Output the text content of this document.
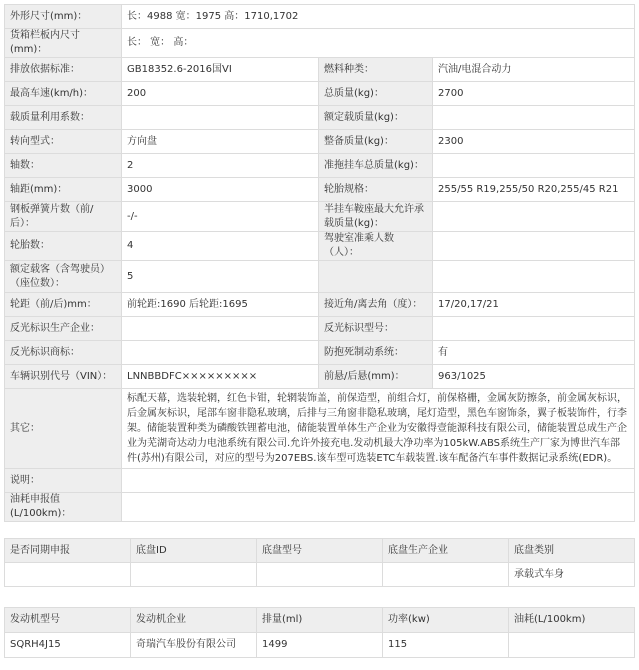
外形尺寸(mm)：	长：4988 宽：1975 高：1710,1702		
货箱栏板内尺寸(mm)：	长： 宽： 高：		
排放依据标准：	GB18352.6-2016国VI	燃料种类：	汽油/电混合动力
最高车速(km/h)：	200	总质量(kg)：	2700
载质量利用系数：		额定载质量(kg)：	
转向型式：	方向盘	整备质量(kg)：	2300
轴数：	2	准拖挂车总质量(kg)：	
轴距(mm)：	3000	轮胎规格：	255/55 R19,255/50 R20,255/45 R21
钢板弹簧片数（前/后）：	-/-	半挂车鞍座最大允许承载质量(kg)：	
轮胎数：	4	驾驶室准乘人数（人）：	
额定载客（含驾驶员）（座位数）：	5		
轮距（前/后)mm：	前轮距:1690 后轮距:1695	接近角/离去角（度）：	17/20,17/21
反光标识生产企业：		反光标识型号：	
反光标识商标：		防抱死制动系统：	有
车辆识别代号（VIN）：	LNNBBDFC×××××××××	前悬/后悬(mm)：	963/1025
其它：	标配天幕，选装轮辋，红色卡钳，轮辋装饰盖，前保造型，前组合灯，前保格栅，金属灰防擦条，前金属灰标识，后金属灰标识，尾部车窗非隐私玻璃，后排与三角窗非隐私玻璃，尾灯造型，黑色车窗饰条，翼子板装饰件，行李架。储能装置种类为磷酸铁锂蓄电池，储能装置单体生产企业为安徽得壹能源科技有限公司，储能装置总成生产企业为芜湖奇达动力电池系统有限公司.允许外接充电.发动机最大净功率为105kW.ABS系统生产厂家为博世汽车部件(苏州)有限公司，对应的型号为207EBS.该车型可选装ETC车载装置.该车配备汽车事件数据记录系统(EDR)。		
说明：			
油耗申报值(L/100km)：			
是否同期申报	底盘ID	底盘型号	底盘生产企业	底盘类别
				承载式车身
发动机型号	发动机企业	排量(ml)	功率(kw)	油耗(L/100km)
SQRH4J15	奇瑞汽车股份有限公司	1499	115	
